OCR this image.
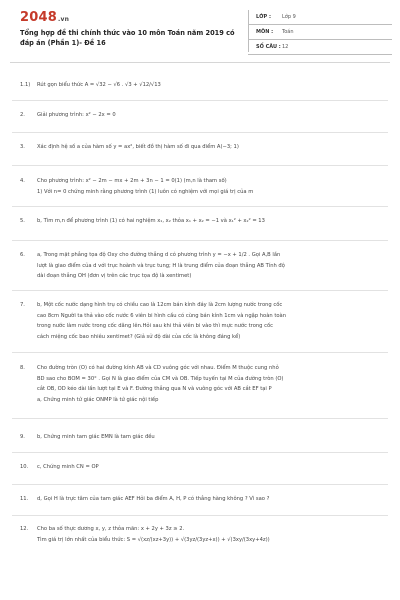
2048.vn
Tổng hợp đề thi chính thức vào 10 môn Toán năm 2019 có đáp án (Phần 1)- Đề 16
LỚP : Lớp 9
MÔN : Toán
SỐ CÂU : 12
1.1)	Rút gọn biểu thức A = √32 − √6 . √3 + √12/√13
2.	Giải phương trình: x² − 2x = 0
3.	Xác định hệ số a của hàm số y = ax², biết đồ thị hàm số đi qua điểm A(−3; 1)
4.	Cho phương trình: x² − 2m − mx + 2m + 3n − 1 = 0(1) (m,n là tham số)
1) Với n= 0 chứng minh rằng phương trình (1) luôn có nghiệm với mọi giá trị của m
5.	b, Tìm m,n để phương trình (1) có hai nghiệm x₁, x₂ thỏa x₁ + x₂ = −1 và x₁² + x₂² = 13
6.	a, Trong mặt phẳng tọa độ Oxy cho đường thẳng d có phương trình y = −x + 1/2 . Gọi A,B lần
lượt là giao điểm của d với trục hoành và trục tung; H là trung điểm của đoạn thẳng AB Tính độ
dài đoạn thẳng OH (đơn vị trên các trục tọa độ là xentimet)
7.	b, Một cốc nước dạng hình trụ có chiều cao là 12cm bán kính đáy là 2cm lượng nước trong cốc
cao 8cm Người ta thả vào cốc nước 6 viên bi hình cầu có cùng bán kính 1cm và ngập hoàn toàn
trong nước làm nước trong cốc dâng lên.Hỏi sau khi thả viên bi vào thì mực nước trong cốc
cách miệng cốc bao nhiêu xentimet? (Giả sử độ dài của cốc là không đáng kể)
8.	Cho đường tròn (O) có hai đường kính AB và CD vuông góc với nhau. Điểm M thuộc cung nhỏ
BD sao cho BOM = 30° . Gọi N là giao điểm của CM và OB. Tiếp tuyến tại M của đường tròn (O)
cắt OB, OD kéo dài lần lượt tại E và F. Đường thẳng qua N và vuông góc với AB cắt EF tại P
a, Chứng minh tứ giác ONMP là tứ giác nội tiếp
9.	b, Chứng minh tam giác EMN là tam giác đều
10.	c, Chứng minh CN = OP
11.	d, Gọi H là trực tâm của tam giác AEF Hỏi ba điểm A, H, P có thẳng hàng không ? Vì sao ?
12.	Cho ba số thực dương x, y, z thỏa mãn: x + 2y + 3z ≥ 2.
Tìm giá trị lớn nhất của biểu thức: S = √(xz/(xz+3y)) + √(3yz/(3yz+x)) + √(3xy/(3xy+4z))
